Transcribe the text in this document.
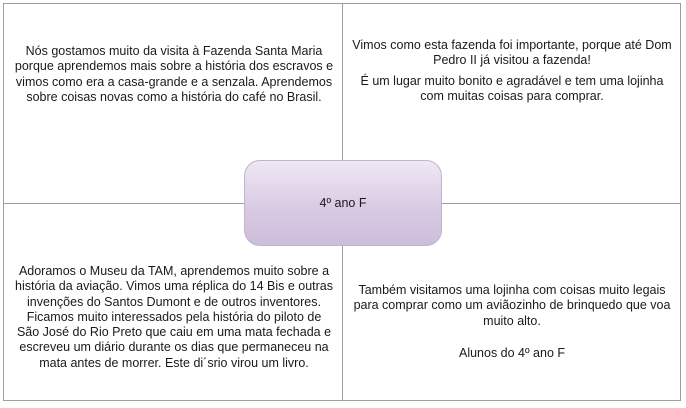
Nós gostamos muito da visita à Fazenda Santa Maria porque aprendemos mais sobre a história dos escravos e vimos como era a casa-grande e a senzala. Aprendemos sobre coisas novas como a história do café no Brasil.

Vimos como esta fazenda foi importante, porque até Dom Pedro II já visitou a fazenda!

É um lugar muito bonito e agradável e tem uma lojinha com muitas coisas para comprar.

Adoramos o Museu da TAM, aprendemos muito sobre a história da aviação. Vimos uma réplica do 14 Bis e outras invenções do Santos Dumont e de outros inventores. Ficamos muito interessados pela história do piloto de São José do Rio Preto que caiu em uma mata fechada e escreveu um diário durante os dias que permaneceu na mata antes de morrer. Este di´srio virou um livro.

Também visitamos uma lojinha com coisas muito legais para comprar como um aviãozinho de brinquedo que voa muito alto.

Alunos do 4º ano F

4º ano F
